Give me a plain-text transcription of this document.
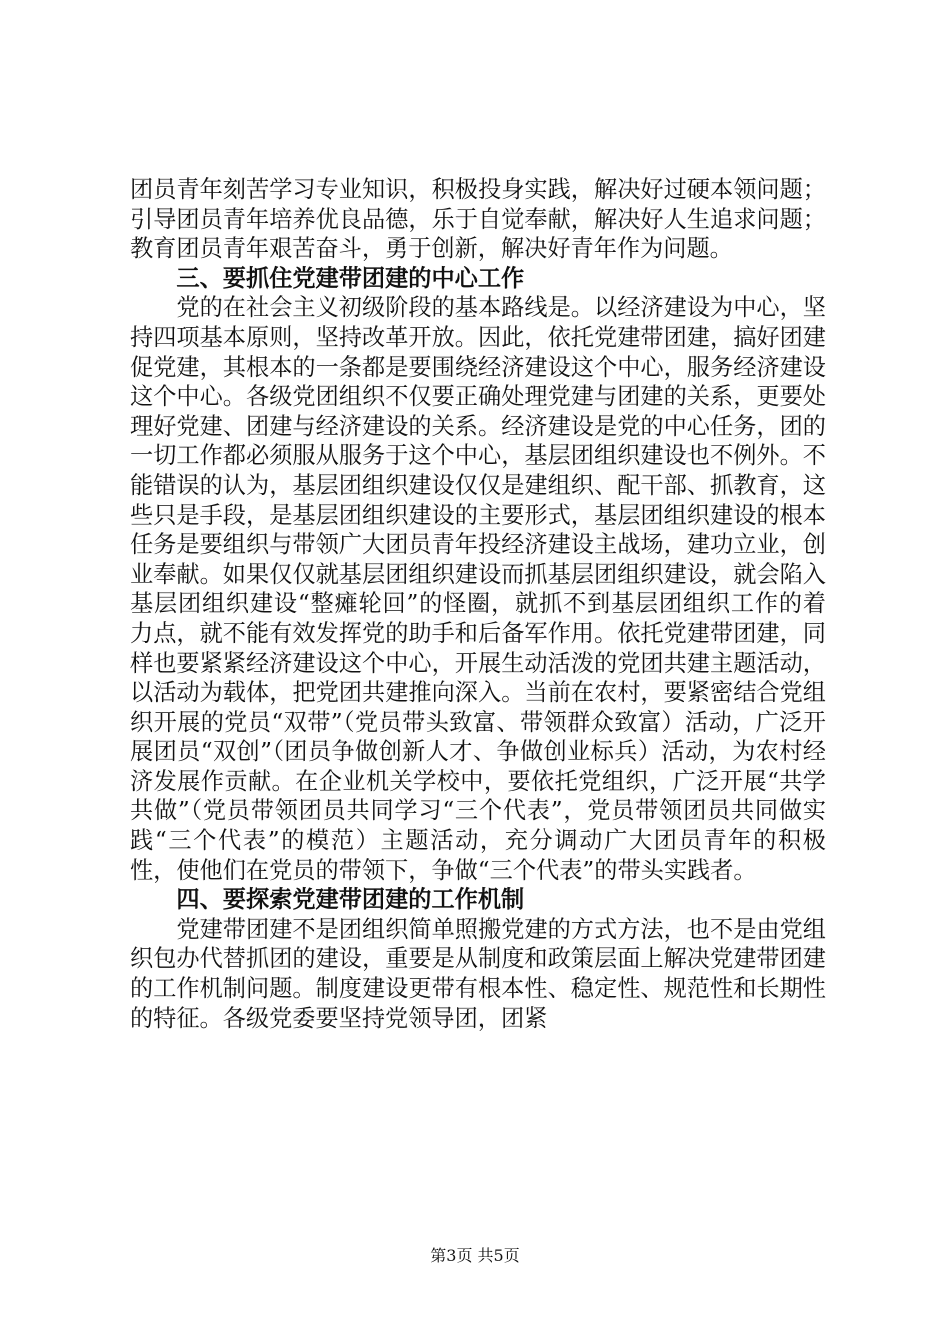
团员青年刻苦学习专业知识，积极投身实践，解决好过硬本领问题；引导团员青年培养优良品德，乐于自觉奉献，解决好人生追求问题；教育团员青年艰苦奋斗，勇于创新，解决好青年作为问题。

三、要抓住党建带团建的中心工作

党的在社会主义初级阶段的基本路线是。以经济建设为中心，坚持四项基本原则，坚持改革开放。因此，依托党建带团建，搞好团建促党建，其根本的一条都是要围绕经济建设这个中心，服务经济建设这个中心。各级党团组织不仅要正确处理党建与团建的关系，更要处理好党建、团建与经济建设的关系。经济建设是党的中心任务，团的一切工作都必须服从服务于这个中心，基层团组织建设也不例外。不能错误的认为，基层团组织建设仅仅是建组织、配干部、抓教育，这些只是手段，是基层团组织建设的主要形式，基层团组织建设的根本任务是要组织与带领广大团员青年投经济建设主战场，建功立业，创业奉献。如果仅仅就基层团组织建设而抓基层团组织建设，就会陷入基层团组织建设“整瘫轮回”的怪圈，就抓不到基层团组织工作的着力点，就不能有效发挥党的助手和后备军作用。依托党建带团建，同样也要紧紧经济建设这个中心，开展生动活泼的党团共建主题活动，以活动为载体，把党团共建推向深入。当前在农村，要紧密结合党组织开展的党员“双带”（党员带头致富、带领群众致富）活动，广泛开展团员“双创”（团员争做创新人才、争做创业标兵）活动，为农村经济发展作贡献。在企业机关学校中，要依托党组织，广泛开展“共学共做”（党员带领团员共同学习“三个代表”，党员带领团员共同做实践“三个代表”的模范）主题活动，充分调动广大团员青年的积极性，使他们在党员的带领下，争做“三个代表”的带头实践者。

四、要探索党建带团建的工作机制

党建带团建不是团组织简单照搬党建的方式方法，也不是由党组织包办代替抓团的建设，重要是从制度和政策层面上解决党建带团建的工作机制问题。制度建设更带有根本性、稳定性、规范性和长期性的特征。各级党委要坚持党领导团，团紧

第3页 共5页
